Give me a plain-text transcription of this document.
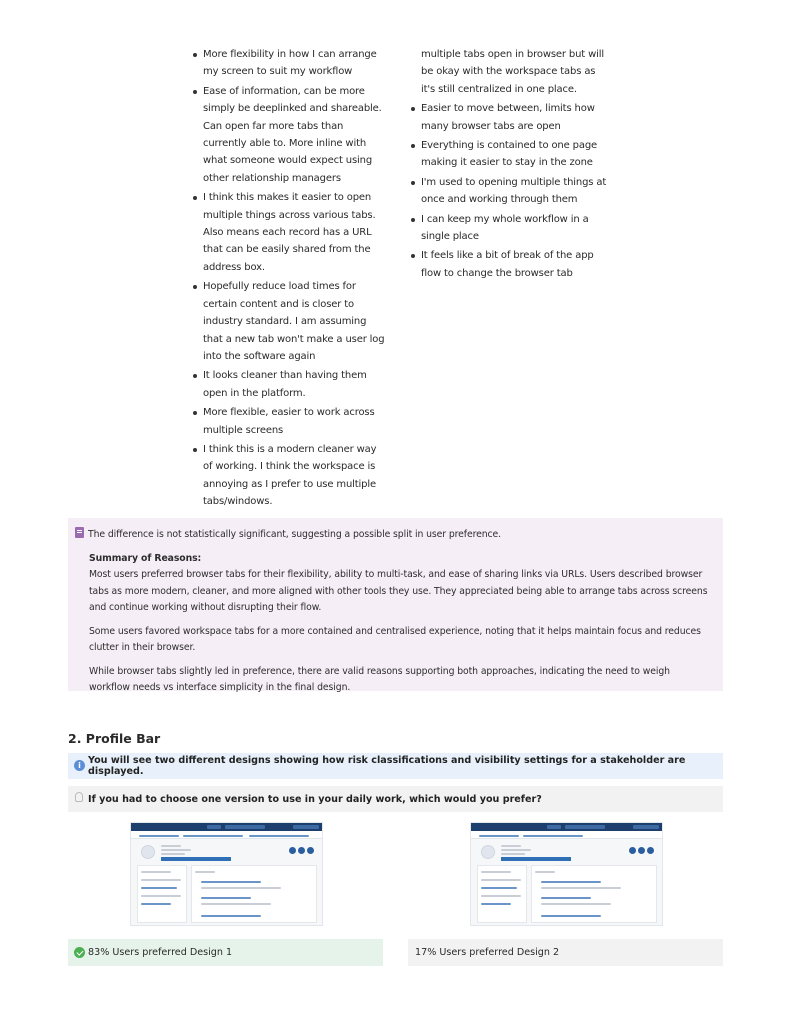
More flexibility in how I can arrange
my screen to suit my workflow
Ease of information, can be more
simply be deeplinked and shareable.
Can open far more tabs than
currently able to. More inline with
what someone would expect using
other relationship managers
I think this makes it easier to open
multiple things across various tabs.
Also means each record has a URL
that can be easily shared from the
address box.
Hopefully reduce load times for
certain content and is closer to
industry standard. I am assuming
that a new tab won't make a user log
into the software again
It looks cleaner than having them
open in the platform.
More flexible, easier to work across
multiple screens
I think this is a modern cleaner way
of working. I think the workspace is
annoying as I prefer to use multiple
tabs/windows.
multiple tabs open in browser but will
be okay with the workspace tabs as
it's still centralized in one place.
Easier to move between, limits how
many browser tabs are open
Everything is contained to one page
making it easier to stay in the zone
I'm used to opening multiple things at
once and working through them
I can keep my whole workflow in a
single place
It feels like a bit of break of the app
flow to change the browser tab

The difference is not statistically significant, suggesting a possible split in user preference.

Summary of Reasons:

Most users preferred browser tabs for their flexibility, ability to multi-task, and ease of sharing links via URLs. Users described browser tabs as more modern, cleaner, and more aligned with other tools they use. They appreciated being able to arrange tabs across screens and continue working without disrupting their flow.

Some users favored workspace tabs for a more contained and centralised experience, noting that it helps maintain focus and reduces clutter in their browser.

While browser tabs slightly led in preference, there are valid reasons supporting both approaches, indicating the need to weigh workflow needs vs interface simplicity in the final design.

2. Profile Bar
i You will see two different designs showing how risk classifications and visibility settings for a stakeholder are displayed.
If you had to choose one version to use in your daily work, which would you prefer?
83% Users preferred Design 1	17% Users preferred Design 2
